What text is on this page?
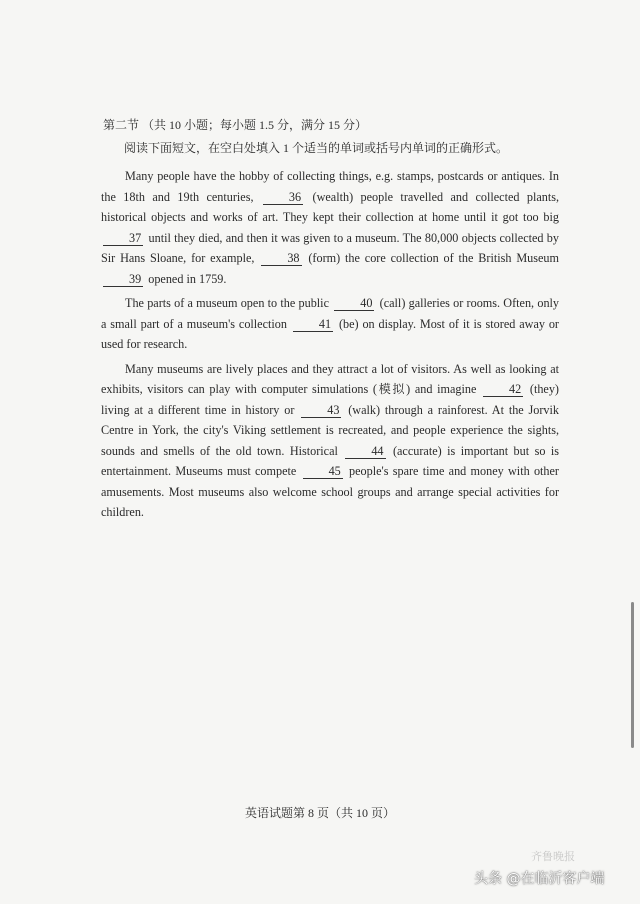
第二节 （共 10 小题；每小题 1.5 分，满分 15 分）
阅读下面短文，在空白处填入 1 个适当的单词或括号内单词的正确形式。

Many people have the hobby of collecting things, e.g. stamps, postcards or antiques. In the 18th and 19th centuries,	36 (wealth) people travelled and collected plants, historical objects and works of art. They kept their collection at home until it got too big 37 until they died, and then it was given to a museum. The 80,000 objects collected by Sir Hans Sloane, for example,	38 (form) the core collection of the British Museum 39 opened in 1759.

The parts of a museum open to the public	40 (call) galleries or rooms. Often, only a small part of a museum's collection	41 (be) on display. Most of it is stored away or used for research.

Many museums are lively places and they attract a lot of visitors. As well as looking at exhibits, visitors can play with computer simulations (模拟) and imagine	42 (they) living at a different time in history or	43 (walk) through a rainforest. At the Jorvik Centre in York, the city's Viking settlement is recreated, and people experience the sights, sounds and smells of the old town. Historical	44 (accurate) is important but so is entertainment. Museums must compete	45 people's spare time and money with other amusements. Most museums also welcome school groups and arrange special activities for children.

英语试题第 8 页（共 10 页）
齐鲁晚报
头条 @在临沂客户端
